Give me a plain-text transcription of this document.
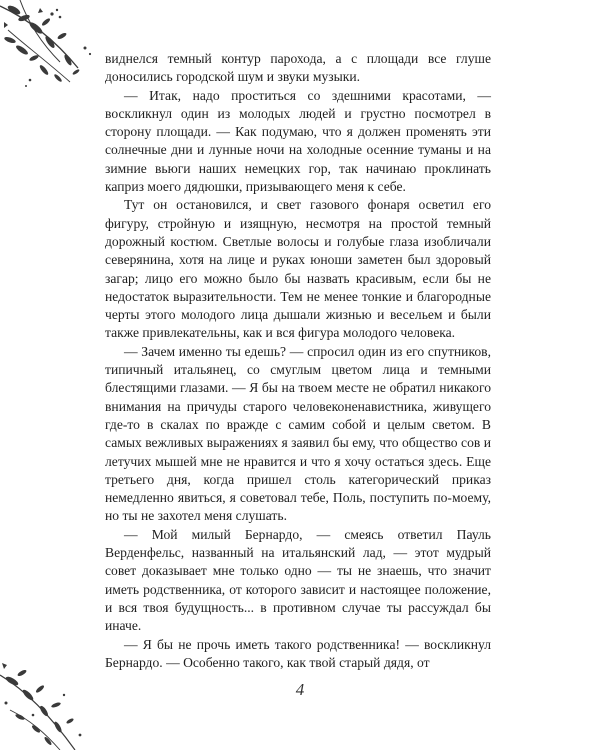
виднелся темный контур парохода, а с площади все глуше доносились городской шум и звуки музыки.

— Итак, надо проститься со здешними красотами, — воскликнул один из молодых людей и грустно посмотрел в сторону площади. — Как подумаю, что я должен променять эти солнечные дни и лунные ночи на холодные осенние туманы и на зимние вьюги наших немецких гор, так начинаю проклинать каприз моего дядюшки, призывающего меня к себе.

Тут он остановился, и свет газового фонаря осветил его фигуру, стройную и изящную, несмотря на простой темный дорожный костюм. Светлые волосы и голубые глаза изобличали северянина, хотя на лице и руках юноши заметен был здоровый загар; лицо его можно было бы назвать красивым, если бы не недостаток выразительности. Тем не менее тонкие и благородные черты этого молодого лица дышали жизнью и весельем и были также привлекательны, как и вся фигура молодого человека.

— Зачем именно ты едешь? — спросил один из его спутников, типичный итальянец, со смуглым цветом лица и темными блестящими глазами. — Я бы на твоем месте не обратил никакого внимания на причуды старого человеконенавистника, живущего где-то в скалах по вражде с самим собой и целым светом. В самых вежливых выражениях я заявил бы ему, что общество сов и летучих мышей мне не нравится и что я хочу остаться здесь. Еще третьего дня, когда пришел столь категорический приказ немедленно явиться, я советовал тебе, Поль, поступить по-моему, но ты не захотел меня слушать.

— Мой милый Бернардо, — смеясь ответил Пауль Верденфельс, названный на итальянский лад, — этот мудрый совет доказывает мне только одно — ты не знаешь, что значит иметь родственника, от которого зависит и настоящее положение, и вся твоя будущность... в противном случае ты рассуждал бы иначе.

— Я бы не прочь иметь такого родственника! — воскликнул Бернардо. — Особенно такого, как твой старый дядя, от

4
